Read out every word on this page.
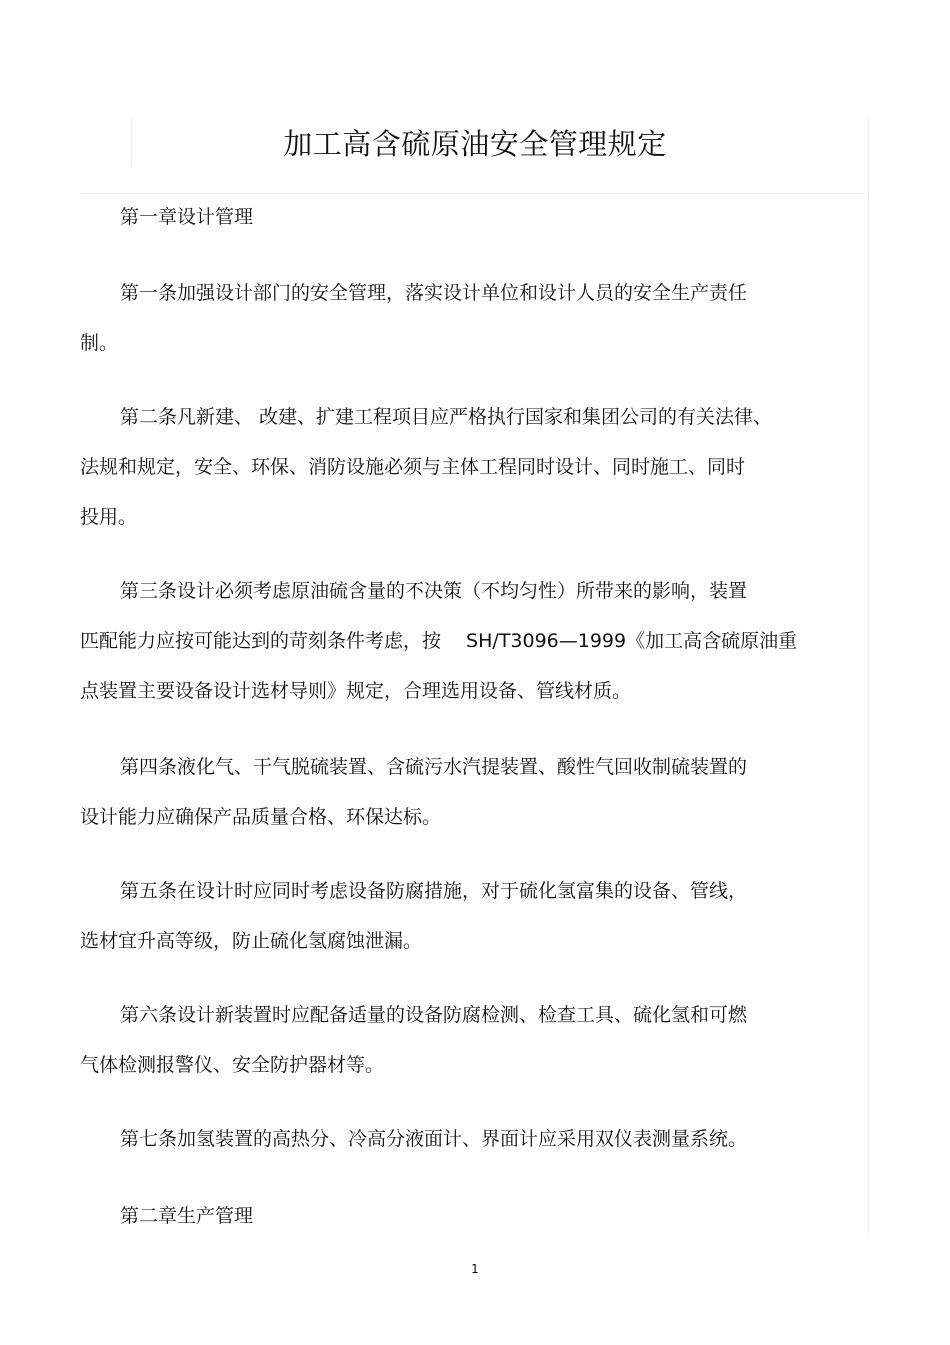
加工高含硫原油安全管理规定
第一章设计管理
第一条加强设计部门的安全管理，落实设计单位和设计人员的安全生产责任
制。
第二条凡新建、 改建、扩建工程项目应严格执行国家和集团公司的有关法律、
法规和规定，安全、环保、消防设施必须与主体工程同时设计、同时施工、同时
投用。
第三条设计必须考虑原油硫含量的不决策（不均匀性）所带来的影响，装置
匹配能力应按可能达到的苛刻条件考虑，按　 SH/T3096—1999《加工高含硫原油重
点装置主要设备设计选材导则》规定，合理选用设备、管线材质。
第四条液化气、干气脱硫装置、含硫污水汽提装置、酸性气回收制硫装置的
设计能力应确保产品质量合格、环保达标。
第五条在设计时应同时考虑设备防腐措施，对于硫化氢富集的设备、管线，
选材宜升高等级，防止硫化氢腐蚀泄漏。
第六条设计新装置时应配备适量的设备防腐检测、检查工具、硫化氢和可燃
气体检测报警仪、安全防护器材等。
第七条加氢装置的高热分、冷高分液面计、界面计应采用双仪表测量系统。
第二章生产管理
1
